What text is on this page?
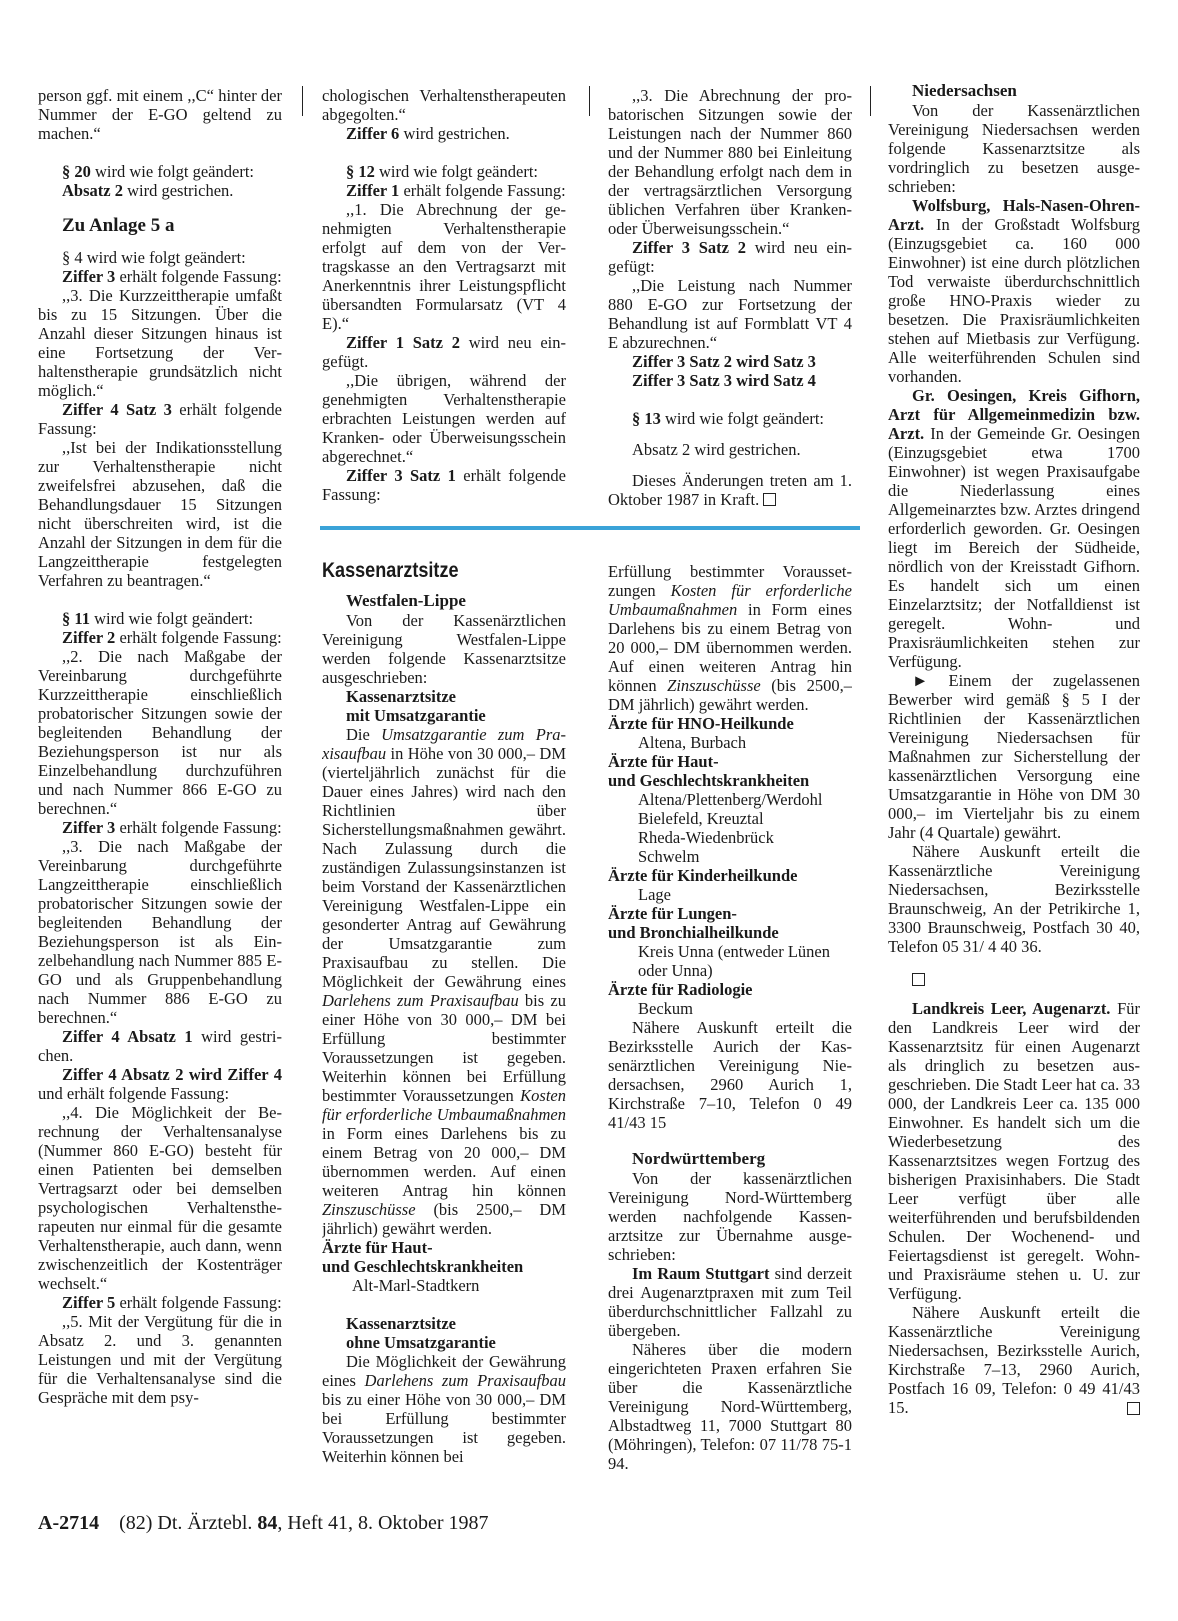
person ggf. mit einem ,,C“ hinter der Nummer der E-GO geltend zu machen.“

§ 20 wird wie folgt geändert:

Absatz 2 wird gestrichen.

Zu Anlage 5 a

§ 4 wird wie folgt geändert:

Ziffer 3 erhält folgende Fassung:

,,3. Die Kurzzeittherapie umfaßt bis zu 15 Sitzungen. Über die Anzahl dieser Sitzungen hinaus ist eine Fortsetzung der Verhaltenstherapie grundsätzlich nicht möglich.“

Ziffer 4 Satz 3 erhält folgende Fassung:

,,Ist bei der Indikationsstellung zur Verhaltenstherapie nicht zweifelsfrei abzusehen, daß die Behandlungsdauer 15 Sitzungen nicht überschreiten wird, ist die Anzahl der Sitzungen in dem für die Langzeittherapie festgelegten Verfahren zu beantragen.“

§ 11 wird wie folgt geändert:

Ziffer 2 erhält folgende Fassung:

,,2. Die nach Maßgabe der Vereinbarung durchgeführte Kurzzeittherapie einschließlich probatorischer Sitzungen sowie der begleitenden Behandlung der Beziehungsperson ist nur als Einzelbehandlung durchzuführen und nach Nummer 866 E-GO zu berechnen.“

Ziffer 3 erhält folgende Fassung:

,,3. Die nach Maßgabe der Vereinbarung durchgeführte Langzeittherapie einschließlich probatorischer Sitzungen sowie der begleitenden Behandlung der Beziehungsperson ist als Einzelbehandlung nach Nummer 885 E-GO und als Gruppenbehandlung nach Nummer 886 E-GO zu berechnen.“

Ziffer 4 Absatz 1 wird gestrichen.

Ziffer 4 Absatz 2 wird Ziffer 4 und erhält folgende Fassung:

,,4. Die Möglichkeit der Berechnung der Verhaltensanalyse (Nummer 860 E-GO) besteht für einen Patienten bei demselben Vertragsarzt oder bei demselben psychologischen Verhaltenstherapeuten nur einmal für die gesamte Verhaltenstherapie, auch dann, wenn zwischenzeitlich der Kostenträger wechselt.“

Ziffer 5 erhält folgende Fassung:

,,5. Mit der Vergütung für die in Absatz 2. und 3. genannten Leistungen und mit der Vergütung für die Verhaltensanalyse sind die Gespräche mit dem psy-

chologischen Verhaltenstherapeuten abgegolten.“

Ziffer 6 wird gestrichen.

§ 12 wird wie folgt geändert:

Ziffer 1 erhält folgende Fassung:

,,1. Die Abrechnung der genehmigten Verhaltenstherapie erfolgt auf dem von der Vertragskasse an den Vertragsarzt mit Anerkenntnis ihrer Leistungspflicht übersandten Formularsatz (VT 4 E).“

Ziffer 1 Satz 2 wird neu eingefügt.

,,Die übrigen, während der genehmigten Verhaltenstherapie erbrachten Leistungen werden auf Kranken- oder Überweisungsschein abgerechnet.“

Ziffer 3 Satz 1 erhält folgende Fassung:

,,3. Die Abrechnung der probatorischen Sitzungen sowie der Leistungen nach der Nummer 860 und der Nummer 880 bei Einleitung der Behandlung erfolgt nach dem in der vertragsärztlichen Versorgung üblichen Verfahren über Kranken- oder Überweisungsschein.“

Ziffer 3 Satz 2 wird neu eingefügt:

,,Die Leistung nach Nummer 880 E-GO zur Fortsetzung der Behandlung ist auf Formblatt VT 4 E abzurechnen.“

Ziffer 3 Satz 2 wird Satz 3

Ziffer 3 Satz 3 wird Satz 4

§ 13 wird wie folgt geändert:

Absatz 2 wird gestrichen.

Dieses Änderungen treten am 1. Oktober 1987 in Kraft.

Kassenarztsitze
Westfalen-Lippe

Von der Kassenärztlichen Vereinigung Westfalen-Lippe werden folgende Kassenarztsitze ausgeschrieben:

Kassenarztsitze

mit Umsatzgarantie

Die Umsatzgarantie zum Praxisaufbau in Höhe von 30 000,– DM (vierteljährlich zunächst für die Dauer eines Jahres) wird nach den Richtlinien über Sicherstellungsmaßnahmen gewährt. Nach Zulassung durch die zuständigen Zulassungsinstanzen ist beim Vorstand der Kassenärztlichen Vereinigung Westfalen-Lippe ein gesonderter Antrag auf Gewährung der Umsatzgarantie zum Praxisaufbau zu stellen. Die Möglichkeit der Gewährung eines Darlehens zum Praxisaufbau bis zu einer Höhe von 30 000,– DM bei Erfüllung bestimmter Voraussetzungen ist gegeben. Weiterhin können bei Erfüllung bestimmter Voraussetzungen Kosten für erforderliche Umbaumaßnahmen in Form eines Darlehens bis zu einem Betrag von 20 000,– DM übernommen werden. Auf einen weiteren Antrag hin können Zinszuschüsse (bis 2500,– DM jährlich) gewährt werden.

Ärzte für Haut-

und Geschlechtskrankheiten

Alt-Marl-Stadtkern

Kassenarztsitze

ohne Umsatzgarantie

Die Möglichkeit der Gewährung eines Darlehens zum Praxisaufbau bis zu einer Höhe von 30 000,– DM bei Erfüllung bestimmter Voraussetzungen ist gegeben. Weiterhin können bei

Erfüllung bestimmter Voraussetzungen Kosten für erforderliche Umbaumaßnahmen in Form eines Darlehens bis zu einem Betrag von 20 000,– DM übernommen werden. Auf einen weiteren Antrag hin können Zinszuschüsse (bis 2500,– DM jährlich) gewährt werden.

Ärzte für HNO-Heilkunde

Altena, Burbach

Ärzte für Haut-

und Geschlechtskrankheiten

Altena/Plettenberg/Werdohl

Bielefeld, Kreuztal

Rheda-Wiedenbrück

Schwelm

Ärzte für Kinderheilkunde

Lage

Ärzte für Lungen-

und Bronchialheilkunde

Kreis Unna (entweder Lünen oder Unna)

Ärzte für Radiologie

Beckum

Nähere Auskunft erteilt die Bezirksstelle Aurich der Kassenärztlichen Vereinigung Niedersachsen, 2960 Aurich 1, Kirchstraße 7–10, Telefon 0 49 41/43 15

Nordwürttemberg

Von der kassenärztlichen Vereinigung Nord-Württemberg werden nachfolgende Kassenarztsitze zur Übernahme ausgeschrieben:

Im Raum Stuttgart sind derzeit drei Augenarztpraxen mit zum Teil überdurchschnittlicher Fallzahl zu übergeben.

Näheres über die modern eingerichteten Praxen erfahren Sie über die Kassenärztliche Vereinigung Nord-Württemberg, Albstadtweg 11, 7000 Stuttgart 80 (Möhringen), Telefon: 07 11/78 75-1 94.

Niedersachsen

Von der Kassenärztlichen Vereinigung Niedersachsen werden folgende Kassenarztsitze als vordringlich zu besetzen ausgeschrieben:

Wolfsburg, Hals-Nasen-Ohren-Arzt. In der Großstadt Wolfsburg (Einzugsgebiet ca. 160 000 Einwohner) ist eine durch plötzlichen Tod verwaiste überdurchschnittlich große HNO-Praxis wieder zu besetzen. Die Praxisräumlichkeiten stehen auf Mietbasis zur Verfügung. Alle weiterführenden Schulen sind vorhanden.

Gr. Oesingen, Kreis Gifhorn, Arzt für Allgemeinmedizin bzw. Arzt. In der Gemeinde Gr. Oesingen (Einzugsgebiet etwa 1700 Einwohner) ist wegen Praxisaufgabe die Niederlassung eines Allgemeinarztes bzw. Arztes dringend erforderlich geworden. Gr. Oesingen liegt im Bereich der Südheide, nördlich von der Kreisstadt Gifhorn. Es handelt sich um einen Einzelarztsitz; der Notfalldienst ist geregelt. Wohn- und Praxisräumlichkeiten stehen zur Verfügung.

► Einem der zugelassenen Bewerber wird gemäß § 5 I der Richtlinien der Kassenärztlichen Vereinigung Niedersachsen für Maßnahmen zur Sicherstellung der kassenärztlichen Versorgung eine Umsatzgarantie in Höhe von DM 30 000,– im Vierteljahr bis zu einem Jahr (4 Quartale) gewährt.

Nähere Auskunft erteilt die Kassenärztliche Vereinigung Niedersachsen, Bezirksstelle Braunschweig, An der Petrikirche 1, 3300 Braunschweig, Postfach 30 40, Telefon 05 31/ 4 40 36.

Landkreis Leer, Augenarzt. Für den Landkreis Leer wird der Kassenarztsitz für einen Augenarzt als dringlich zu besetzen ausgeschrieben. Die Stadt Leer hat ca. 33 000, der Landkreis Leer ca. 135 000 Einwohner. Es handelt sich um die Wiederbesetzung des Kassenarztsitzes wegen Fortzug des bisherigen Praxisinhabers. Die Stadt Leer verfügt über alle weiterführenden und berufsbildenden Schulen. Der Wochenend- und Feiertagsdienst ist geregelt. Wohn- und Praxisräume stehen u. U. zur Verfügung.

Nähere Auskunft erteilt die Kassenärztliche Vereinigung Niedersachsen, Bezirksstelle Aurich, Kirchstraße 7–13, 2960 Aurich, Postfach 16 09, Telefon: 0 49 41/43 15.

A-2714 (82) Dt. Ärztebl. 84, Heft 41, 8. Oktober 1987
